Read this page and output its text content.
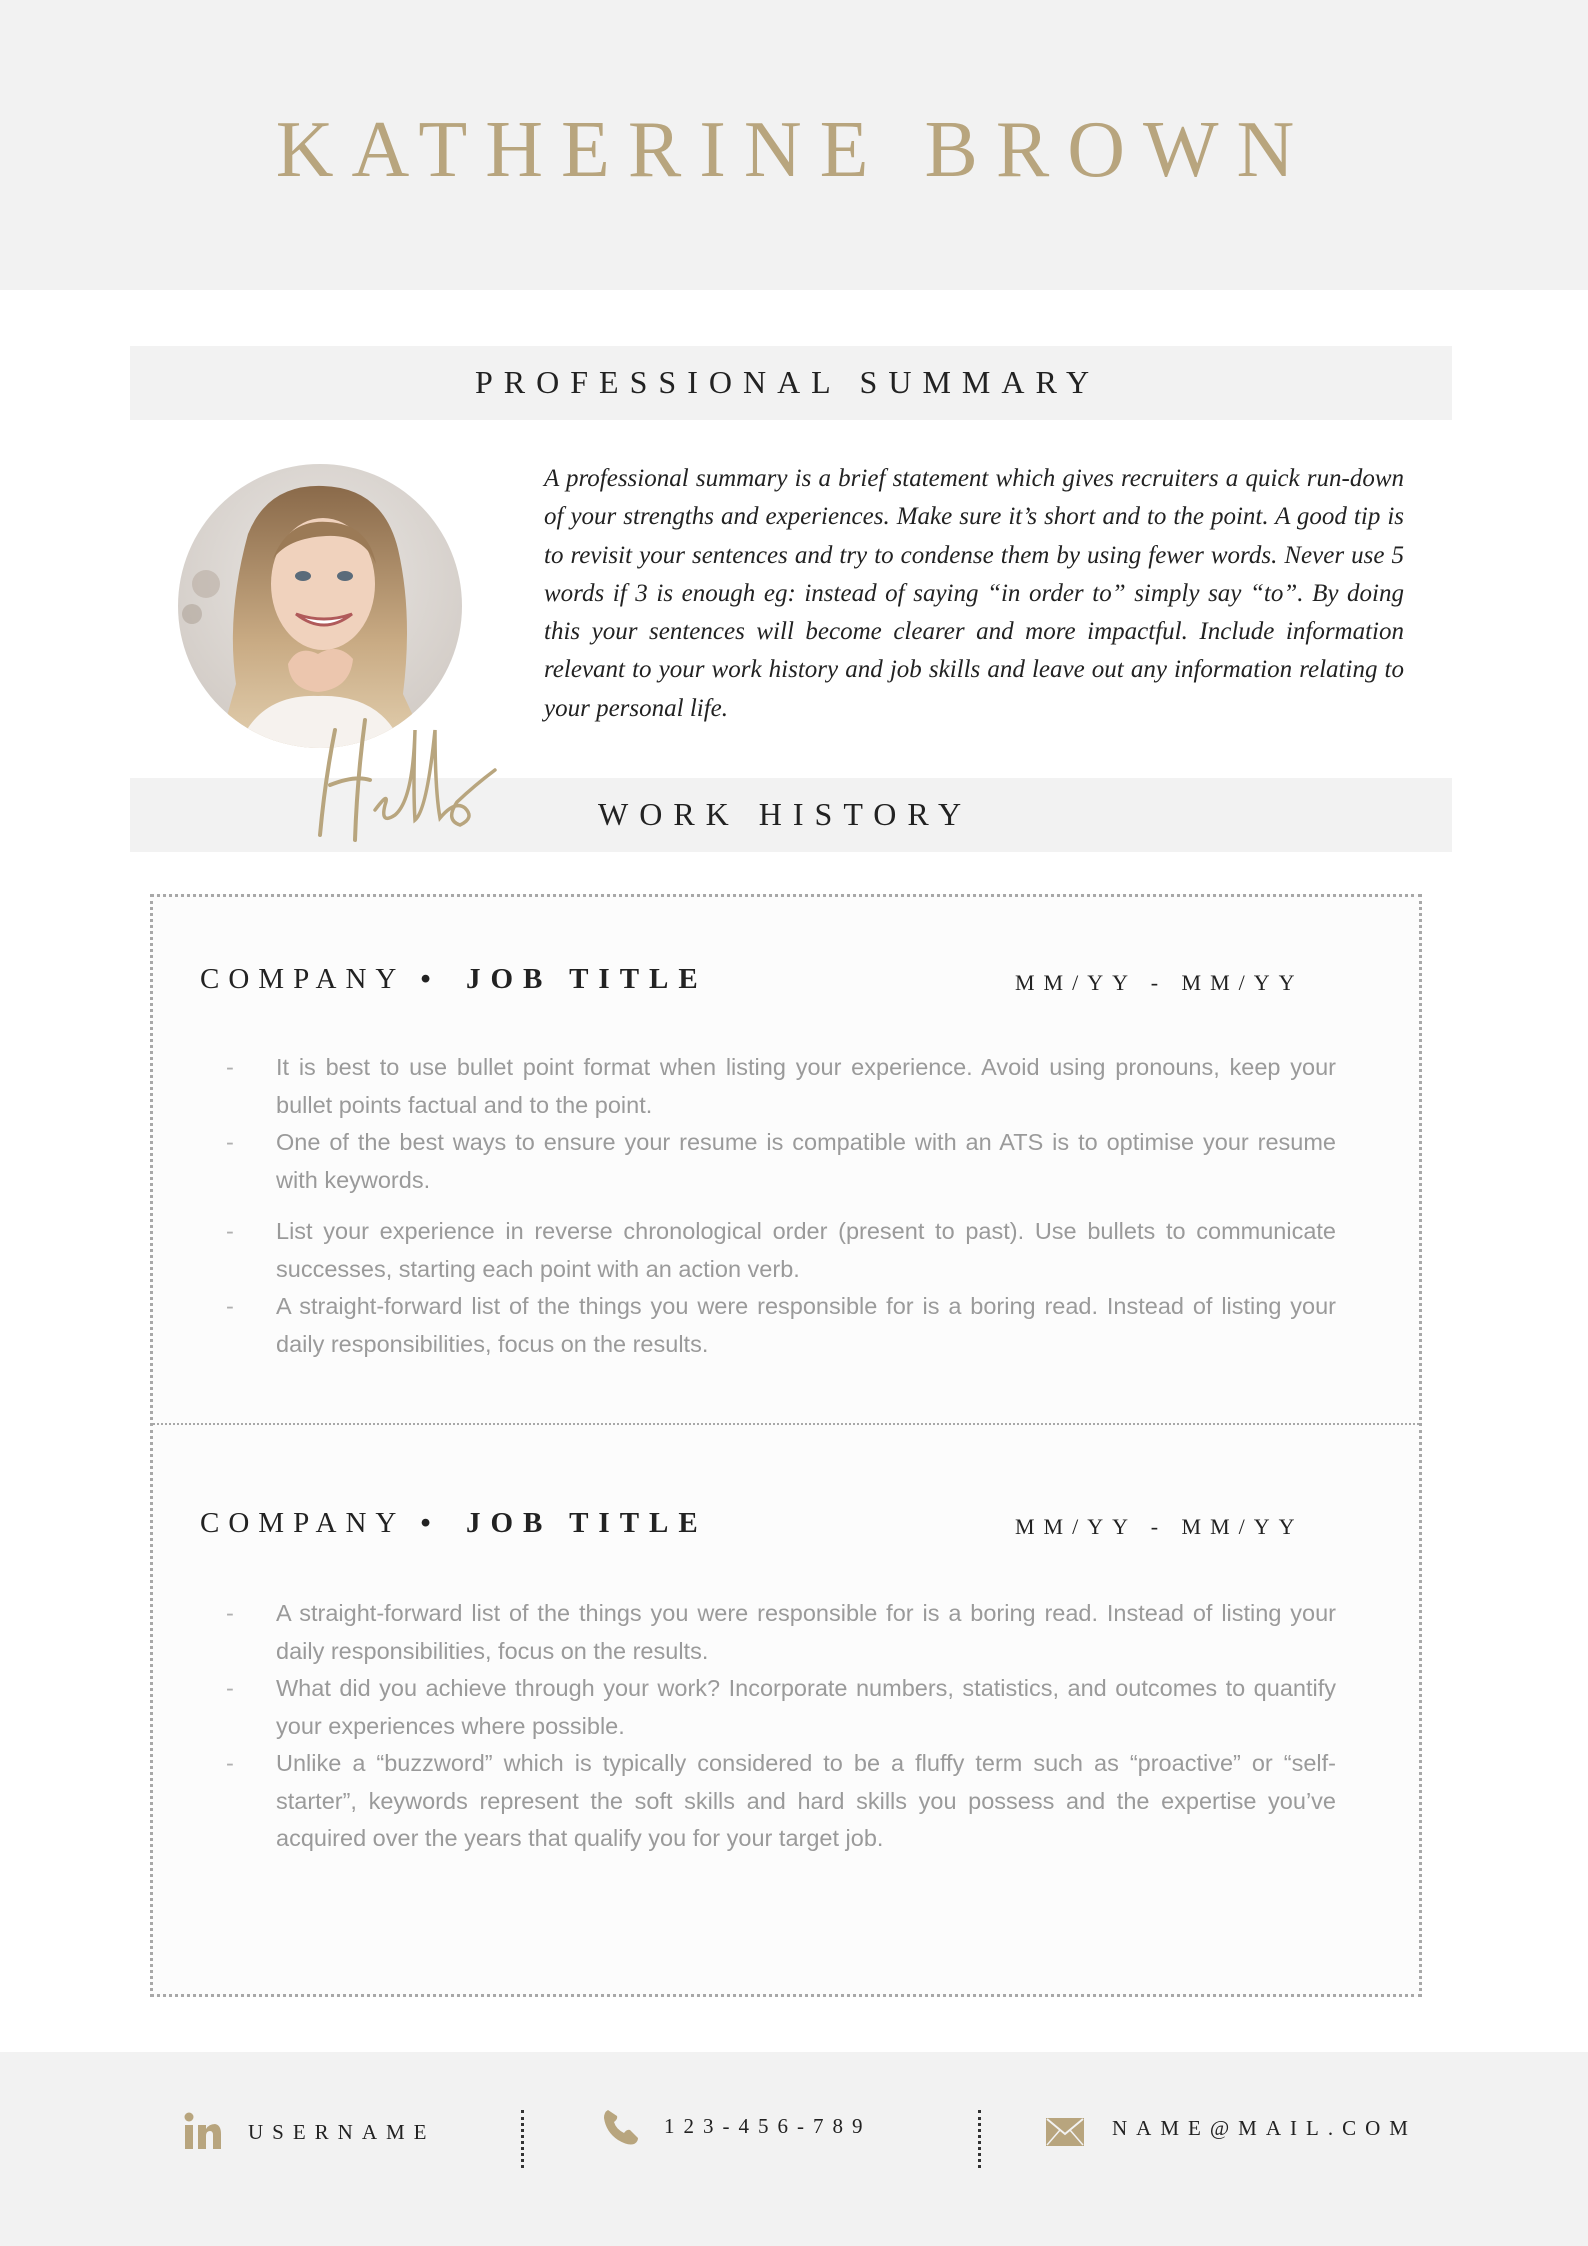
KATHERINE BROWN
PROFESSIONAL SUMMARY
WORK HISTORY
Hello

A professional summary is a brief statement which gives recruiters a quick run-down of your strengths and experiences. Make sure it’s short and to the point. A good tip is to revisit your sentences and try to condense them by using fewer words. Never use 5 words if 3 is enough eg: instead of saying “in order to” simply say “to”. By doing this your sentences will become clearer and more impactful. Include information relevant to your work history and job skills and leave out any information relating to your personal life.

COMPANY • JOB TITLE	MM/YY - MM/YY
- It is best to use bullet point format when listing your experience. Avoid using pronouns, keep your bullet points factual and to the point.
- One of the best ways to ensure your resume is compatible with an ATS is to optimise your resume with keywords.
- List your experience in reverse chronological order (present to past). Use bullets to communicate successes, starting each point with an action verb.
- A straight-forward list of the things you were responsible for is a boring read. Instead of listing your daily responsibilities, focus on the results.
COMPANY • JOB TITLE	MM/YY - MM/YY
- A straight-forward list of the things you were responsible for is a boring read. Instead of listing your daily responsibilities, focus on the results.
- What did you achieve through your work? Incorporate numbers, statistics, and outcomes to quantify your experiences where possible.
- Unlike a “buzzword” which is typically considered to be a fluffy term such as “proactive” or “self-starter”, keywords represent the soft skills and hard skills you possess and the expertise you’ve acquired over the years that qualify you for your target job.
USERNAME	123-456-789	NAME@MAIL.COM
